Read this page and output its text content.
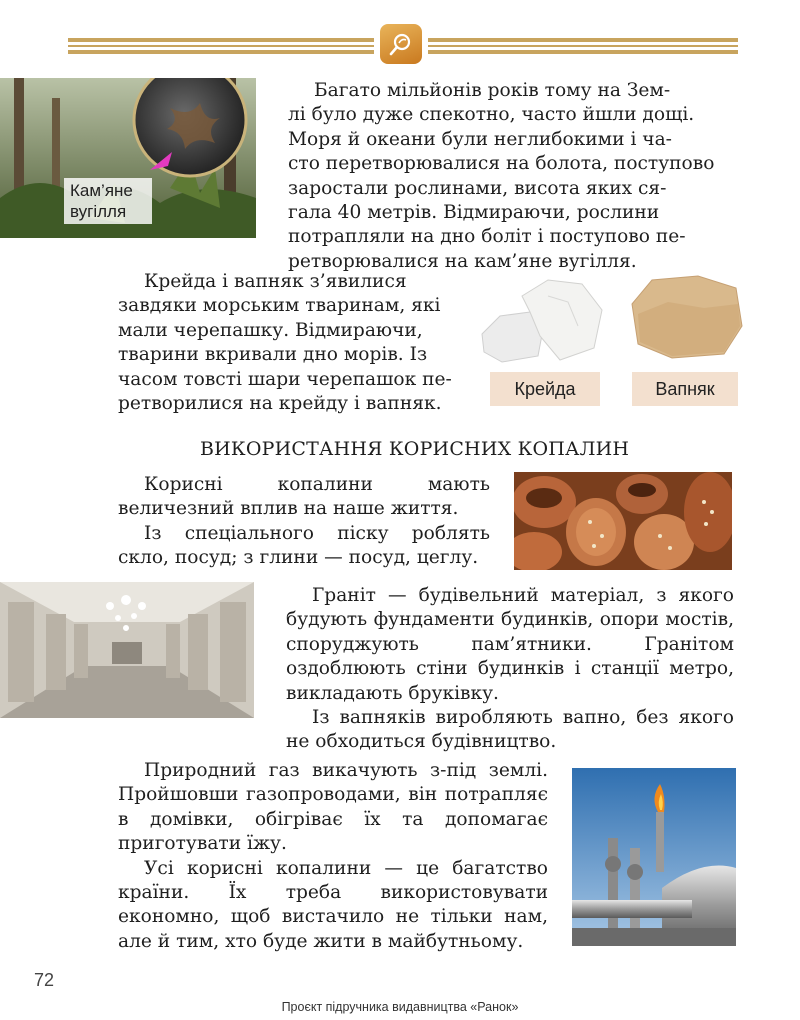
Кам’яне вугілля

Багато мільйонів років тому на Зем-

лі було дуже спекотно, часто йшли дощі.

Моря й океани були неглибокими і ча-

сто перетворювалися на болота, поступово

заростали рослинами, висота яких ся-

гала 40 метрів. Відмираючи, рослини

потрапляли на дно боліт і поступово пе-

ретворювалися на кам’яне вугілля.

Крейда і вапняк з’явилися

завдяки морським тваринам, які

мали черепашку. Відмираючи,

тварини вкривали дно морів. Із

часом товсті шари черепашок пе-

ретворилися на крейду і вапняк.

Крейда	Вапняк
ВИКОРИСТАННЯ КОРИСНИХ КОПАЛИН

Корисні копалини мають величезний вплив на наше життя.

Із спеціального піску роблять скло, посуд; з глини — посуд, цеглу.

Граніт — будівельний матеріал, з якого будують фундаменти будинків, опори мостів, споруджують пам’ятники. Гранітом оздоблюють стіни будинків і станції метро, викладають бруківку.

Із вапняків виробляють вапно, без якого не обходиться будівництво.

Природний газ викачують з-під землі. Пройшовши газопроводами, він потрапляє в домівки, обігріває їх та допомагає приготувати їжу.

Усі корисні копалини — це багатство країни. Їх треба використовувати економно, щоб вистачило не тільки нам, але й тим, хто буде жити в майбутньому.

72
Проєкт підручника видавництва «Ранок»
